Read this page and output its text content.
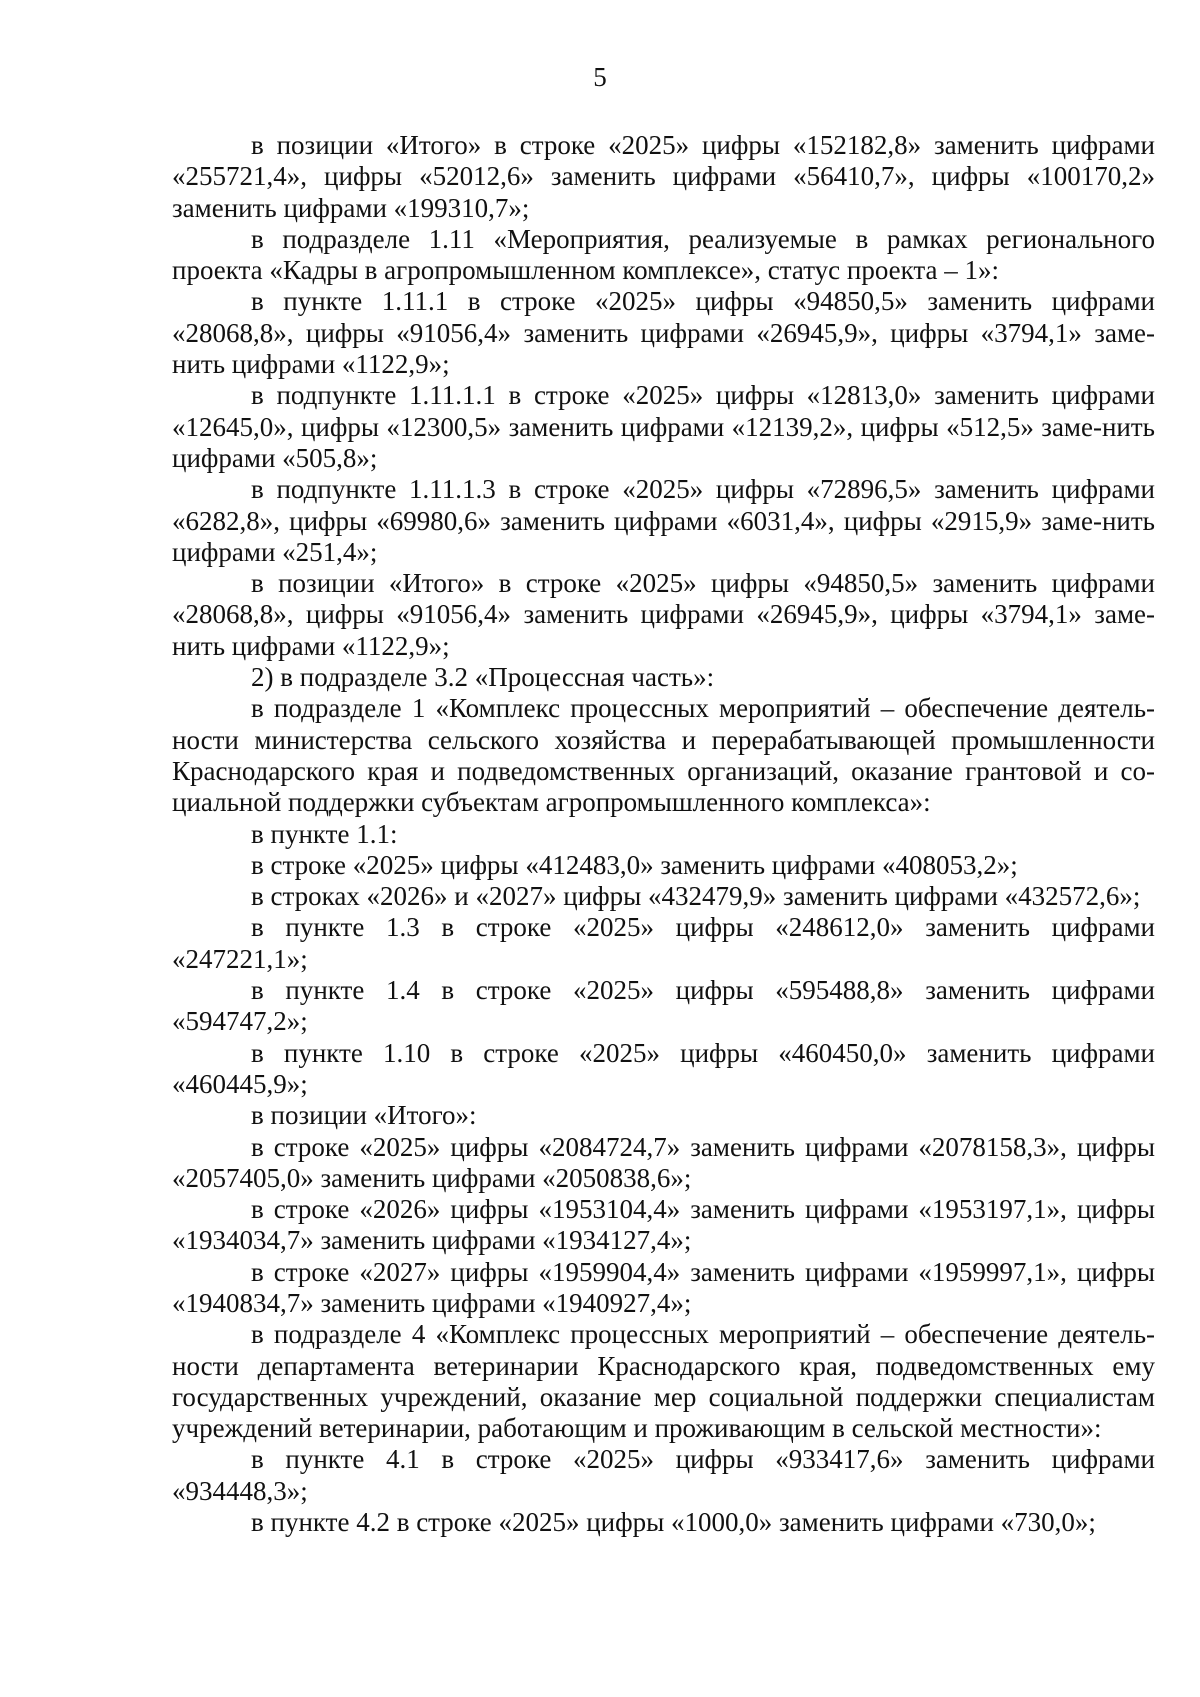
5

в позиции «Итого» в строке «2025» цифры «152182,8» заменить цифрами «255721,4», цифры «52012,6» заменить цифрами «56410,7», цифры «100170,2» заменить цифрами «199310,7»;

в подразделе 1.11 «Мероприятия, реализуемые в рамках регионального проекта «Кадры в агропромышленном комплексе», статус проекта – 1»:

в пункте 1.11.1 в строке «2025» цифры «94850,5» заменить цифрами «28068,8», цифры «91056,4» заменить цифрами «26945,9», цифры «3794,1» заме-нить цифрами «1122,9»;

в подпункте 1.11.1.1 в строке «2025» цифры «12813,0» заменить цифрами «12645,0», цифры «12300,5» заменить цифрами «12139,2», цифры «512,5» заме-нить цифрами «505,8»;

в подпункте 1.11.1.3 в строке «2025» цифры «72896,5» заменить цифрами «6282,8», цифры «69980,6» заменить цифрами «6031,4», цифры «2915,9» заме-нить цифрами «251,4»;

в позиции «Итого» в строке «2025» цифры «94850,5» заменить цифрами «28068,8», цифры «91056,4» заменить цифрами «26945,9», цифры «3794,1» заме-нить цифрами «1122,9»;

2) в подразделе 3.2 «Процессная часть»:

в подразделе 1 «Комплекс процессных мероприятий – обеспечение деятель-ности министерства сельского хозяйства и перерабатывающей промышленности Краснодарского края и подведомственных организаций, оказание грантовой и со-циальной поддержки субъектам агропромышленного комплекса»:

в пункте 1.1:

в строке «2025» цифры «412483,0» заменить цифрами «408053,2»;

в строках «2026» и «2027» цифры «432479,9» заменить цифрами «432572,6»;

в пункте 1.3 в строке «2025» цифры «248612,0» заменить цифрами «247221,1»;

в пункте 1.4 в строке «2025» цифры «595488,8» заменить цифрами «594747,2»;

в пункте 1.10 в строке «2025» цифры «460450,0» заменить цифрами «460445,9»;

в позиции «Итого»:

в строке «2025» цифры «2084724,7» заменить цифрами «2078158,3», цифры «2057405,0» заменить цифрами «2050838,6»;

в строке «2026» цифры «1953104,4» заменить цифрами «1953197,1», цифры «1934034,7» заменить цифрами «1934127,4»;

в строке «2027» цифры «1959904,4» заменить цифрами «1959997,1», цифры «1940834,7» заменить цифрами «1940927,4»;

в подразделе 4 «Комплекс процессных мероприятий – обеспечение деятель-ности департамента ветеринарии Краснодарского края, подведомственных ему государственных учреждений, оказание мер социальной поддержки специалистам учреждений ветеринарии, работающим и проживающим в сельской местности»:

в пункте 4.1 в строке «2025» цифры «933417,6» заменить цифрами «934448,3»;

в пункте 4.2 в строке «2025» цифры «1000,0» заменить цифрами «730,0»;
